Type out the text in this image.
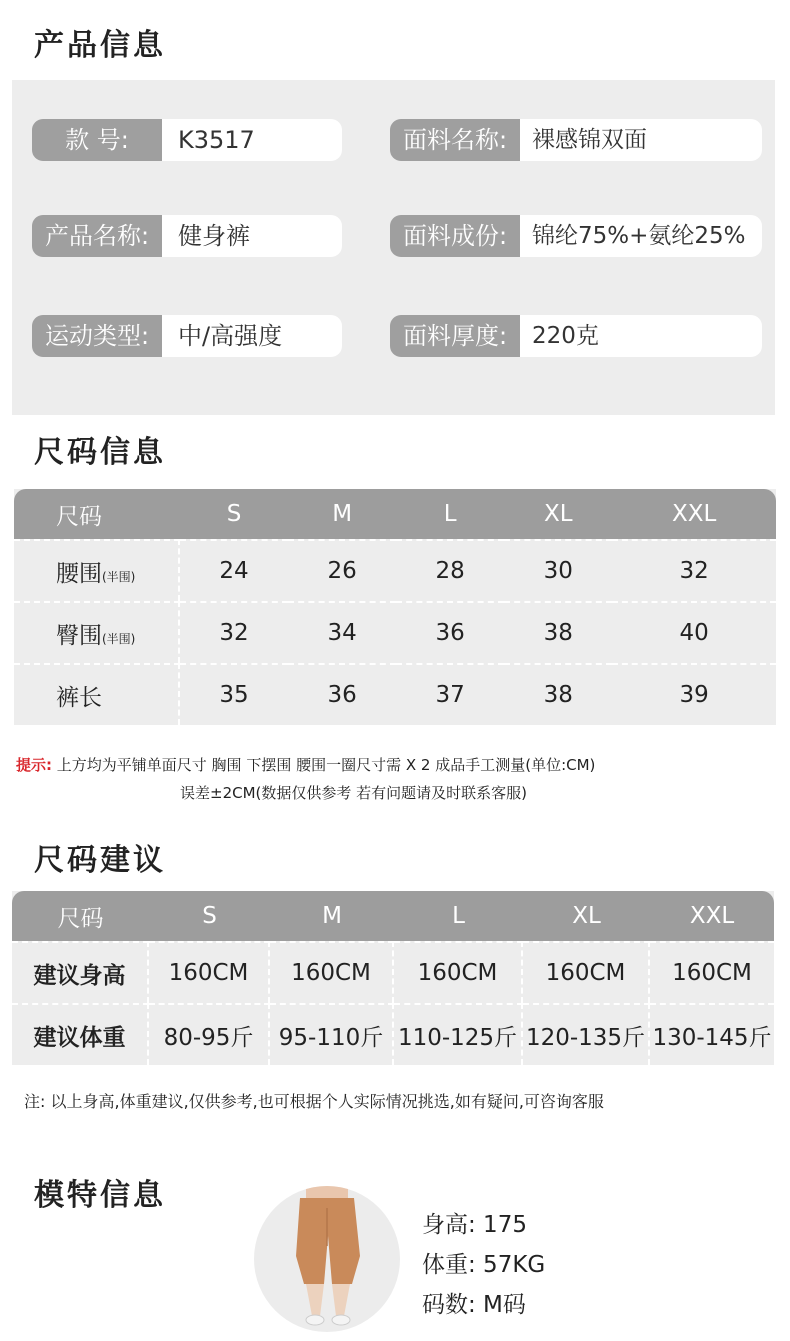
产品信息
款 号:	K3517
产品名称:	健身裤
运动类型:	中/高强度
面料名称:	裸感锦双面
面料成份:	锦纶75%+氨纶25%
面料厚度:	220克
尺码信息
尺码	S	M	L	XL	XXL
腰围(半围)	24	26	28	30	32
臀围(半围)	32	34	36	38	40
裤长	35	36	37	38	39
提示: 上方均为平铺单面尺寸 胸围 下摆围 腰围一圈尺寸需 X 2 成品手工测量(单位:CM)
误差±2CM(数据仅供参考 若有问题请及时联系客服)
尺码建议
尺码	S	M	L	XL	XXL
建议身高	160CM	160CM	160CM	160CM	160CM
建议体重	80-95斤	95-110斤	110-125斤	120-135斤	130-145斤
注: 以上身高,体重建议,仅供参考,也可根据个人实际情况挑选,如有疑问,可咨询客服
模特信息
身高: 175
体重: 57KG
码数: M码
